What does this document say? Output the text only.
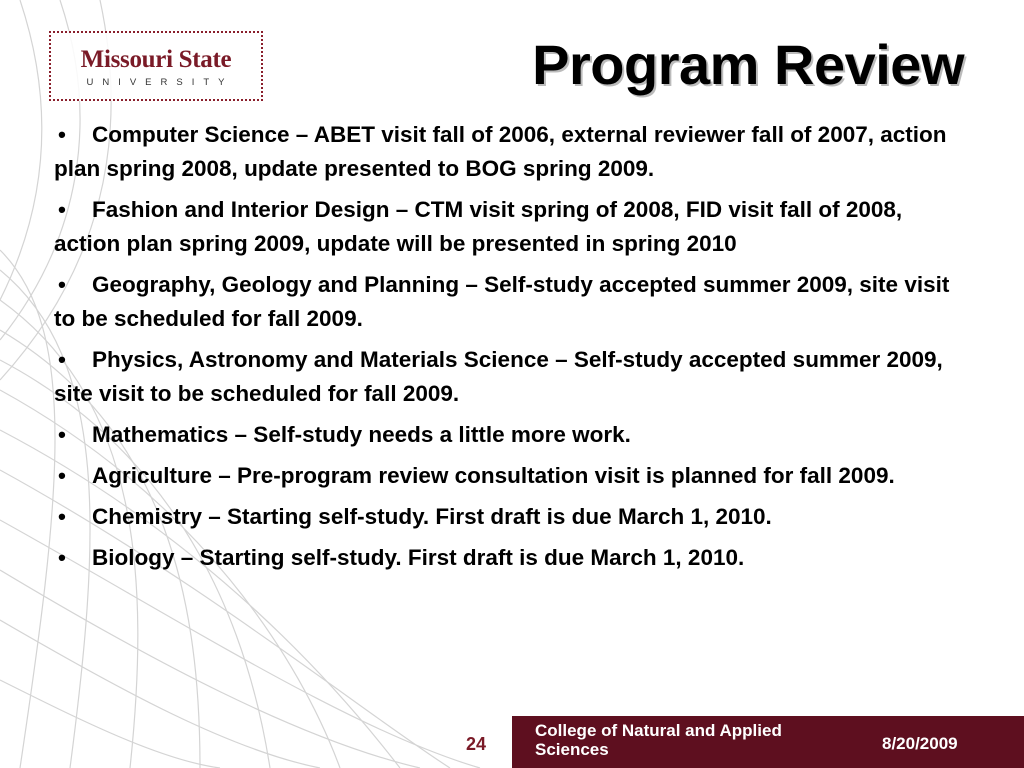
Missouri State
UNIVERSITY	Program Review
• Computer Science – ABET visit fall of 2006, external reviewer fall of 2007, action plan spring 2008, update presented to BOG spring 2009.
• Fashion and Interior Design – CTM visit spring of 2008, FID visit fall of 2008, action plan spring 2009, update will be presented in spring 2010
• Geography, Geology and Planning – Self-study accepted summer 2009, site visit to be scheduled for fall 2009.
• Physics, Astronomy and Materials Science – Self-study accepted summer 2009, site visit to be scheduled for fall 2009.
• Mathematics – Self-study needs a little more work.
• Agriculture – Pre-program review consultation visit is planned for fall 2009.
• Chemistry – Starting self-study. First draft is due March 1, 2010.
• Biology – Starting self-study. First draft is due March 1, 2010.
24
College of Natural and Applied Sciences	8/20/2009
